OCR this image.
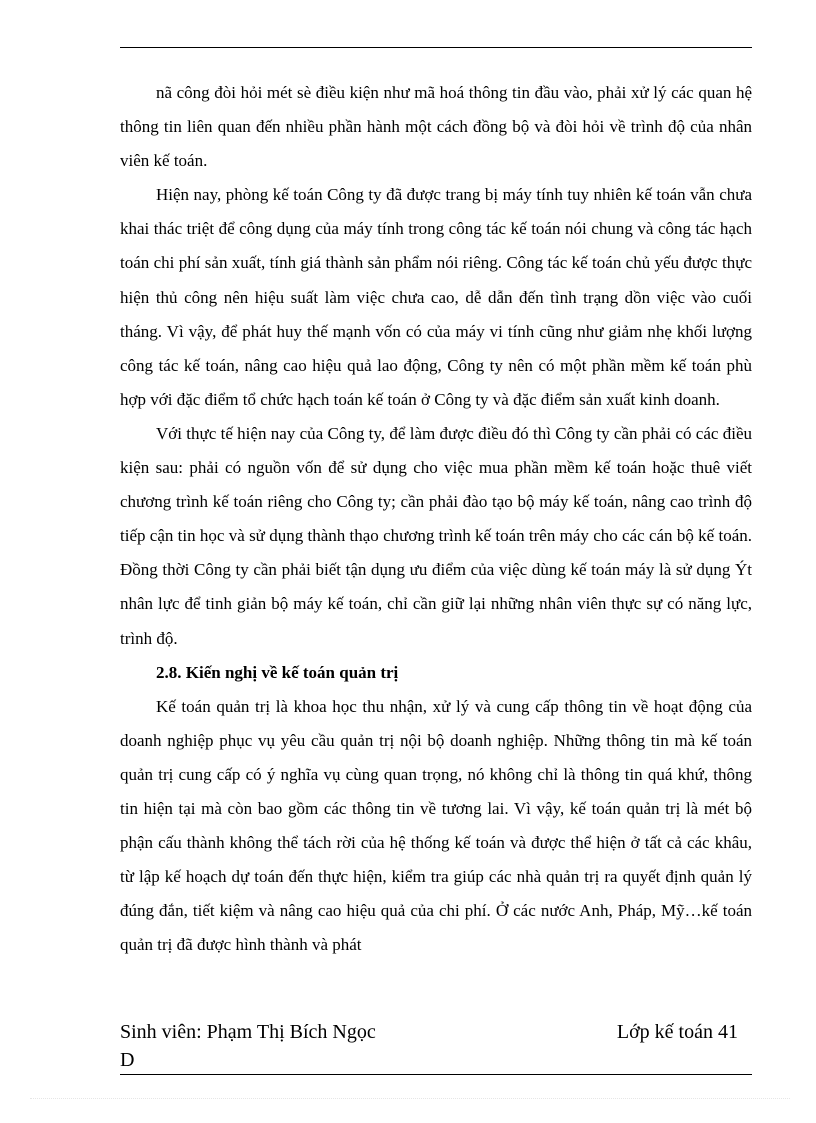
nã công đòi hỏi mét sè điều kiện như mã hoá thông tin đầu vào, phải xử lý các quan hệ thông tin liên quan đến nhiều phần hành một cách đồng bộ và đòi hỏi về trình độ của nhân viên kế toán.

Hiện nay, phòng kế toán Công ty đã được trang bị máy tính tuy nhiên kế toán vẫn chưa khai thác triệt để công dụng của máy tính trong công tác kế toán nói chung và công tác hạch toán chi phí sản xuất, tính giá thành sản phẩm nói riêng. Công tác kế toán chủ yếu được thực hiện thủ công nên hiệu suất làm việc chưa cao, dễ dẫn đến tình trạng dồn việc vào cuối tháng. Vì vậy, để phát huy thế mạnh vốn có của máy vi tính cũng như giảm nhẹ khối lượng công tác kế toán, nâng cao hiệu quả lao động, Công ty nên có một phần mềm kế toán phù hợp với đặc điểm tổ chức hạch toán kế toán ở Công ty và đặc điểm sản xuất kinh doanh.

Với thực tế hiện nay của Công ty, để làm được điều đó thì Công ty cần phải có các điều kiện sau: phải có nguồn vốn để sử dụng cho việc mua phần mềm kế toán hoặc thuê viết chương trình kế toán riêng cho Công ty; cần phải đào tạo bộ máy kế toán, nâng cao trình độ tiếp cận tin học và sử dụng thành thạo chương trình kế toán trên máy cho các cán bộ kế toán. Đồng thời Công ty cần phải biết tận dụng ưu điểm của việc dùng kế toán máy là sử dụng Ýt nhân lực để tinh giản bộ máy kế toán, chỉ cần giữ lại những nhân viên thực sự có năng lực, trình độ.

2.8. Kiến nghị về kế toán quản trị

Kế toán quản trị là khoa học thu nhận, xử lý và cung cấp thông tin về hoạt động của doanh nghiệp phục vụ yêu cầu quản trị nội bộ doanh nghiệp. Những thông tin mà kế toán quản trị cung cấp có ý nghĩa vụ cùng quan trọng, nó không chỉ là thông tin quá khứ, thông tin hiện tại mà còn bao gồm các thông tin về tương lai. Vì vậy, kế toán quản trị là mét bộ phận cấu thành không thể tách rời của hệ thống kế toán và được thể hiện ở tất cả các khâu, từ lập kế hoạch dự toán đến thực hiện, kiểm tra giúp các nhà quản trị ra quyết định quản lý đúng đắn, tiết kiệm và nâng cao hiệu quả của chi phí. Ở các nước Anh, Pháp, Mỹ…kế toán quản trị đã được hình thành và phát

Sinh viên: Phạm Thị Bích Ngọc
D
Lớp kế toán 41
